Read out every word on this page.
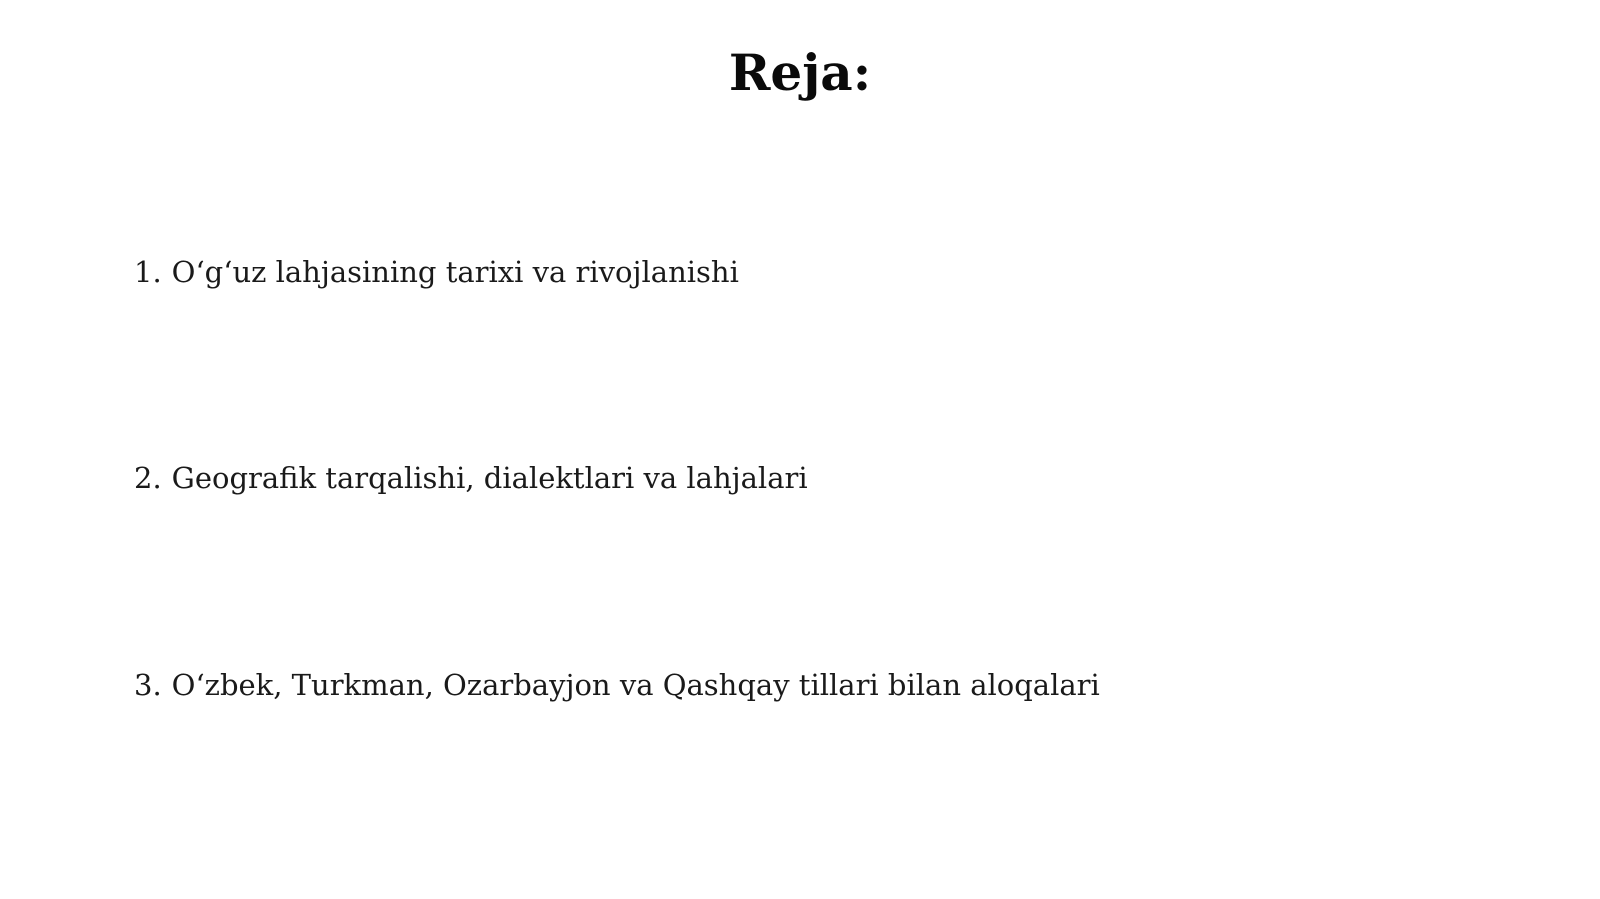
Reja:
1. O‘g‘uz lahjasining tarixi va rivojlanishi
2. Geografik tarqalishi, dialektlari va lahjalari
3. O‘zbek, Turkman, Ozarbayjon va Qashqay tillari bilan aloqalari
